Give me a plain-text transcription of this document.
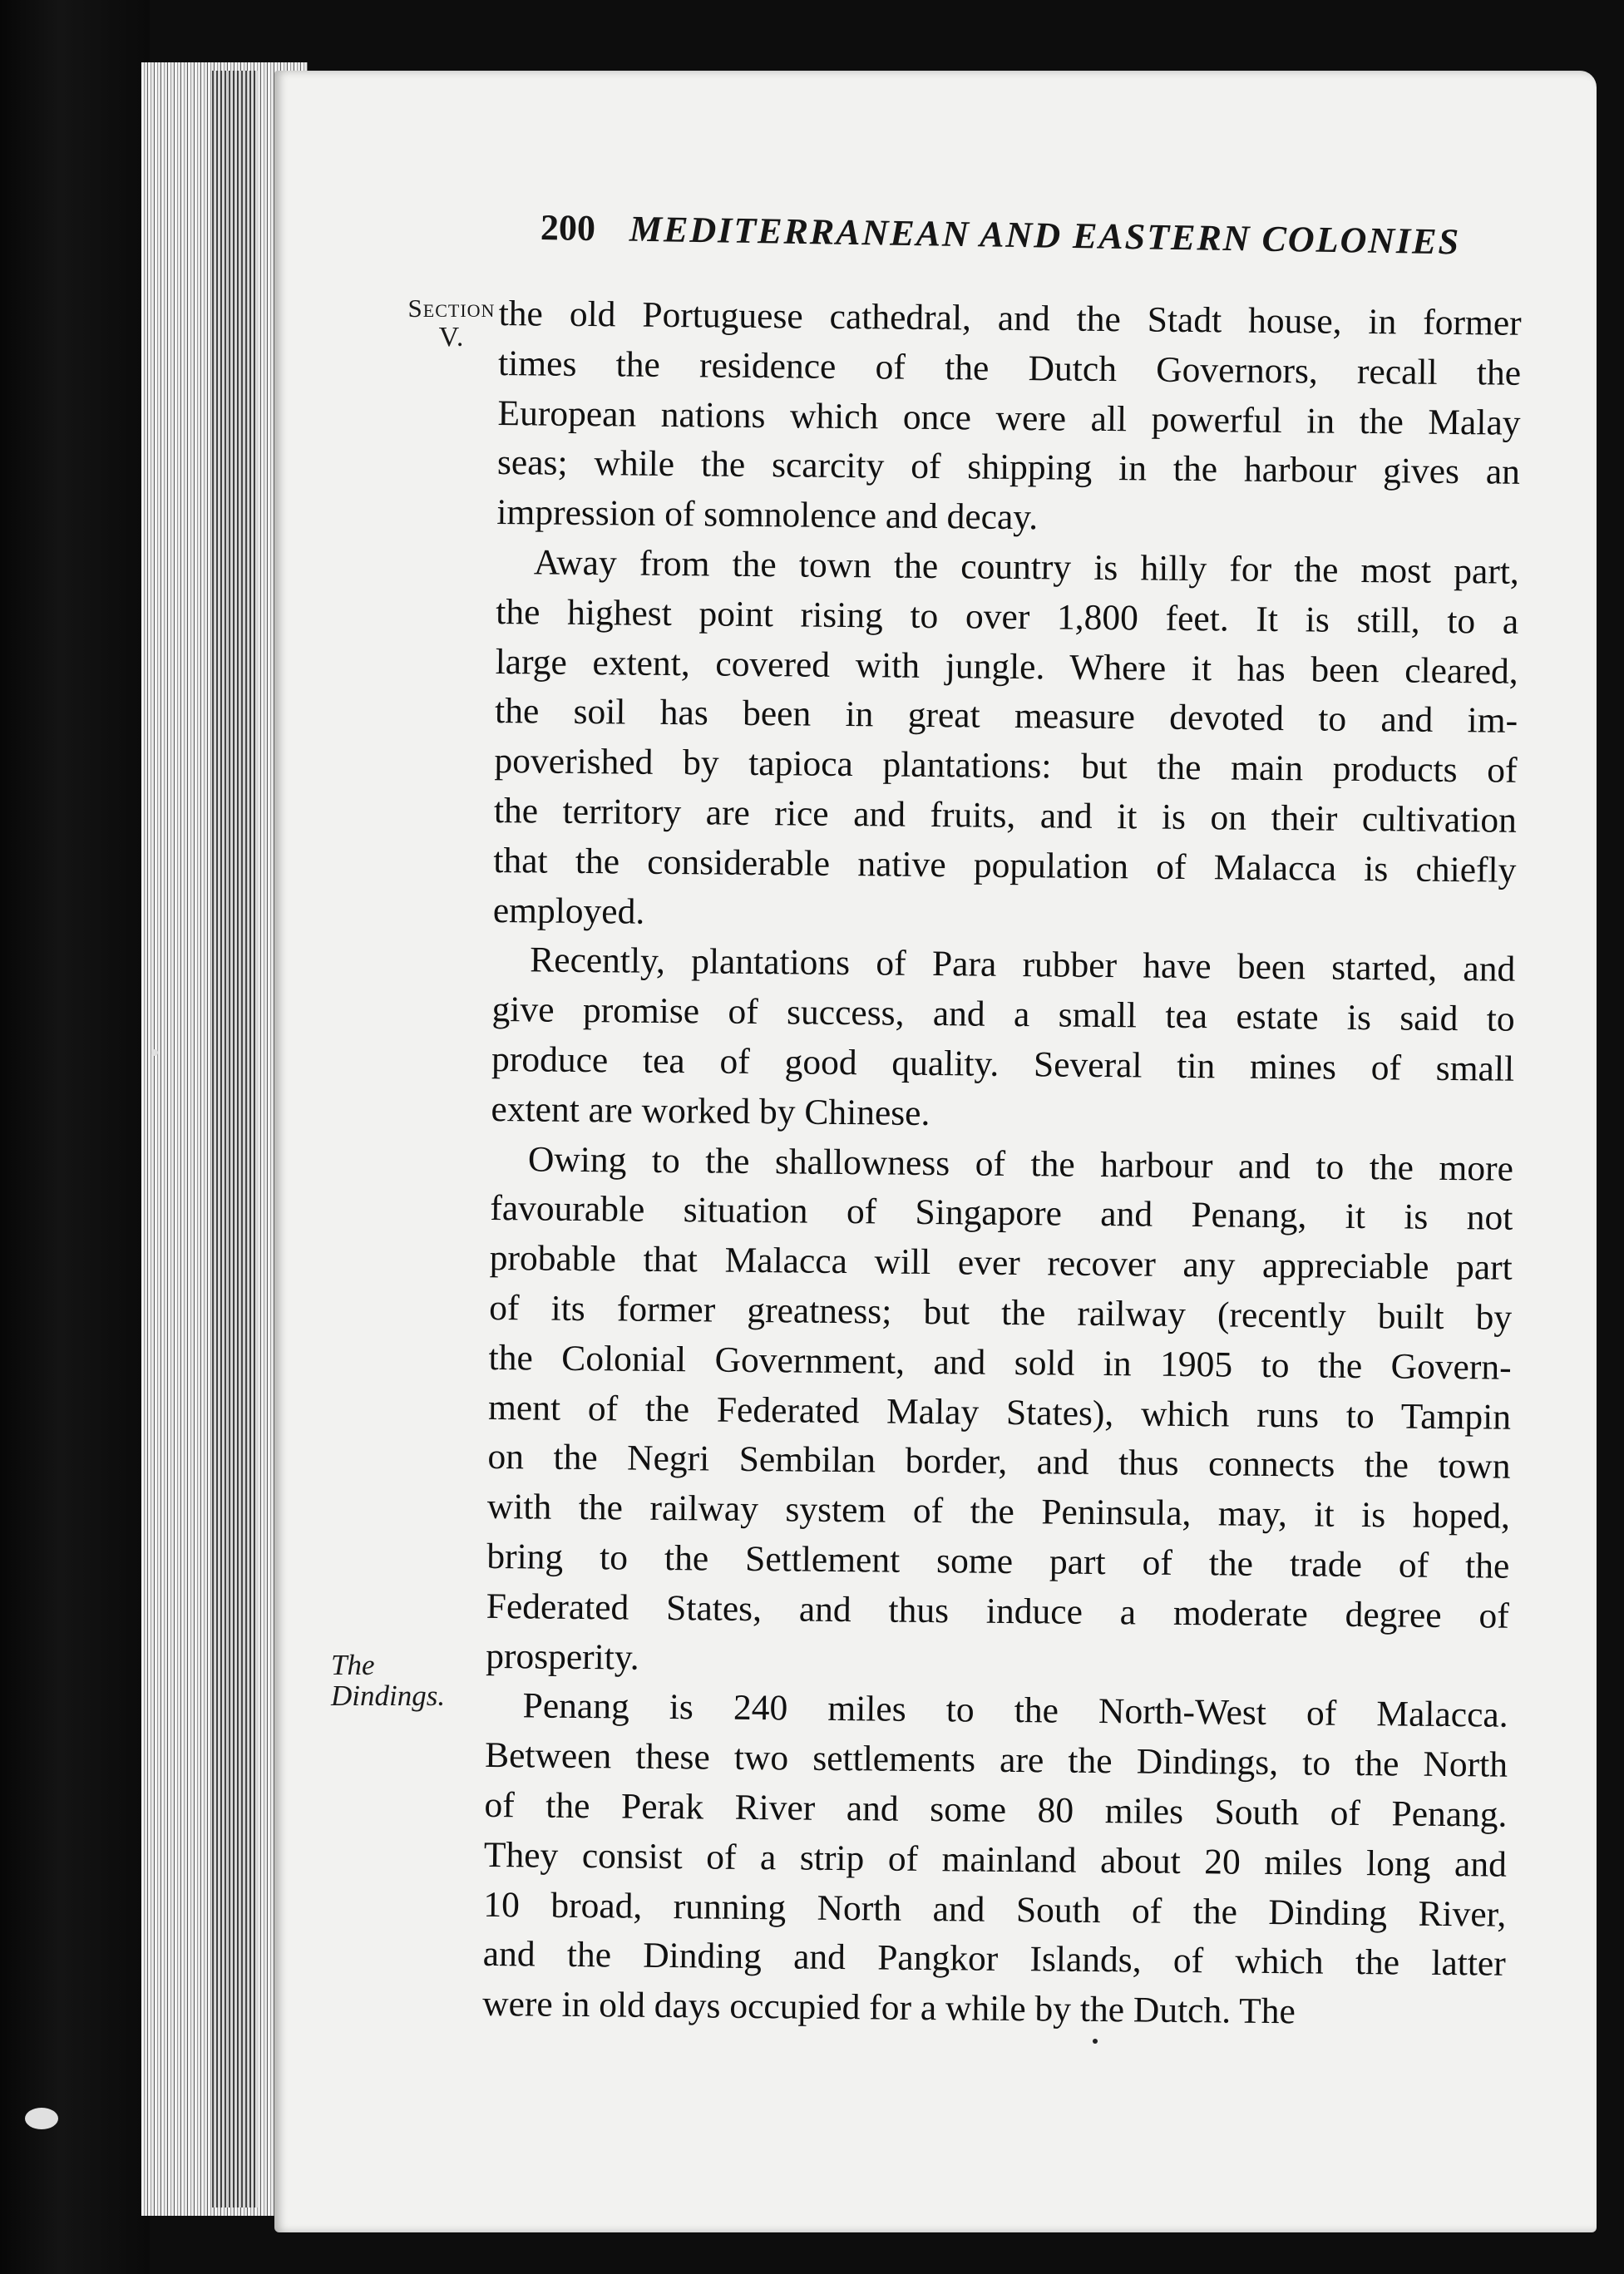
200 MEDITERRANEAN AND EASTERN COLONIES
Section
V.
The Dindings.

the old Portuguese cathedral, and the Stadt house, in former
times the residence of the Dutch Governors, recall the
European nations which once were all powerful in the Malay
seas; while the scarcity of shipping in the harbour gives an
impression of somnolence and decay.

Away from the town the country is hilly for the most part,
the highest point rising to over 1,800 feet. It is still, to a
large extent, covered with jungle. Where it has been cleared,
the soil has been in great measure devoted to and im-
poverished by tapioca plantations: but the main products of
the territory are rice and fruits, and it is on their cultivation
that the considerable native population of Malacca is chiefly
employed.

Recently, plantations of Para rubber have been started, and
give promise of success, and a small tea estate is said to
produce tea of good quality. Several tin mines of small
extent are worked by Chinese.

Owing to the shallowness of the harbour and to the more
favourable situation of Singapore and Penang, it is not
probable that Malacca will ever recover any appreciable part
of its former greatness; but the railway (recently built by
the Colonial Government, and sold in 1905 to the Govern-
ment of the Federated Malay States), which runs to Tampin
on the Negri Sembilan border, and thus connects the town
with the railway system of the Peninsula, may, it is hoped,
bring to the Settlement some part of the trade of the
Federated States, and thus induce a moderate degree of
prosperity.

Penang is 240 miles to the North-West of Malacca.
Between these two settlements are the Dindings, to the North
of the Perak River and some 80 miles South of Penang.
They consist of a strip of mainland about 20 miles long and
10 broad, running North and South of the Dinding River,
and the Dinding and Pangkor Islands, of which the latter
were in old days occupied for a while by the Dutch. The
